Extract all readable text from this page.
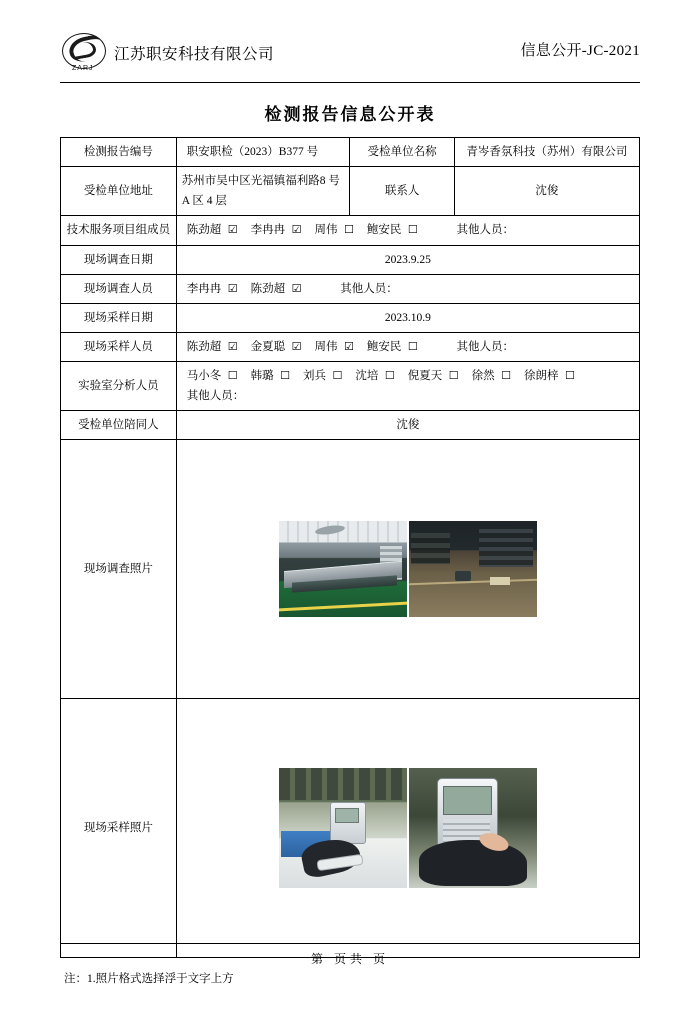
ZARJ
江苏职安科技有限公司	信息公开-JC-2021
检测报告信息公开表
检测报告编号	职安职检（2023）B377 号	受检单位名称	青岑香氛科技（苏州）有限公司
受检单位地址	苏州市吴中区光福镇福利路8 号 A 区 4 层	联系人	沈俊
技术服务项目组成员	陈劲超 ☑ 李冉冉 ☑ 周伟 ☐ 鲍安民 ☐ 其他人员：		
现场调查日期	2023.9.25		
现场调查人员	李冉冉 ☑ 陈劲超 ☑ 其他人员：		
现场采样日期	2023.10.9		
现场采样人员	陈劲超 ☑ 金夏聪 ☑ 周伟 ☑ 鲍安民 ☐ 其他人员：		
实验室分析人员	马小冬 ☐ 韩璐 ☐ 刘兵 ☐ 沈培 ☐ 倪夏天 ☐ 徐然 ☐ 徐朗梓 ☐
其他人员：		

受检单位陪同人	沈俊		
现场调查照片			

现场采样照片			
注：1.照片格式选择浮于文字上方
第 页共 页
